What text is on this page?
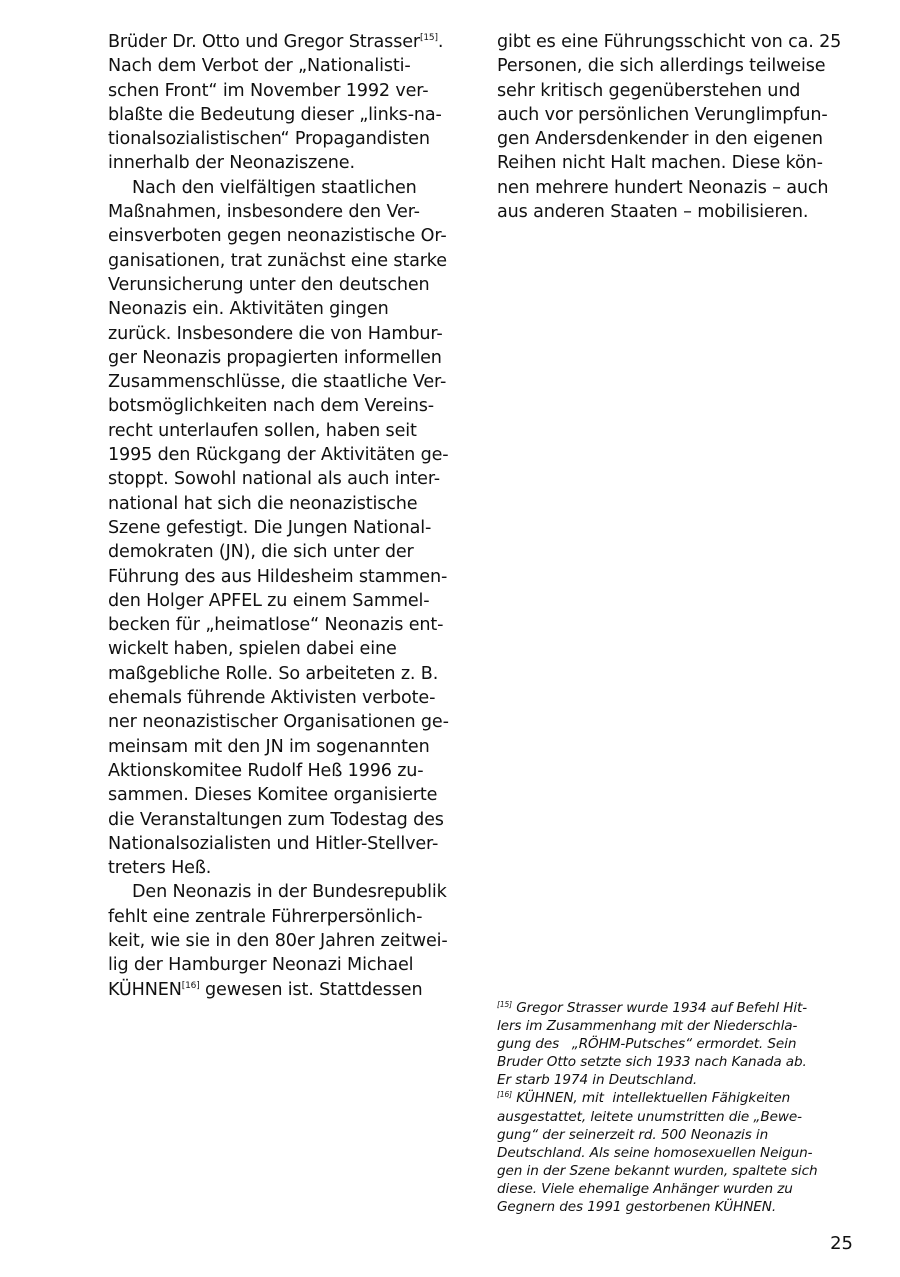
Brüder Dr. Otto und Gregor Strasser[15].
Nach dem Verbot der „Nationalisti-
schen Front“ im November 1992 ver-
blaßte die Bedeutung dieser „links-na-
tionalsozialistischen“ Propagandisten
innerhalb der Neonaziszene.
Nach den vielfältigen staatlichen
Maßnahmen, insbesondere den Ver-
einsverboten gegen neonazistische Or-
ganisationen, trat zunächst eine starke
Verunsicherung unter den deutschen
Neonazis ein. Aktivitäten gingen
zurück. Insbesondere die von Hambur-
ger Neonazis propagierten informellen
Zusammenschlüsse, die staatliche Ver-
botsmöglichkeiten nach dem Vereins-
recht unterlaufen sollen, haben seit
1995 den Rückgang der Aktivitäten ge-
stoppt. Sowohl national als auch inter-
national hat sich die neonazistische
Szene gefestigt. Die Jungen National-
demokraten (JN), die sich unter der
Führung des aus Hildesheim stammen-
den Holger APFEL zu einem Sammel-
becken für „heimatlose“ Neonazis ent-
wickelt haben, spielen dabei eine
maßgebliche Rolle. So arbeiteten z. B.
ehemals führende Aktivisten verbote-
ner neonazistischer Organisationen ge-
meinsam mit den JN im sogenannten
Aktionskomitee Rudolf Heß 1996 zu-
sammen. Dieses Komitee organisierte
die Veranstaltungen zum Todestag des
Nationalsozialisten und Hitler-Stellver-
treters Heß.
Den Neonazis in der Bundesrepublik
fehlt eine zentrale Führerpersönlich-
keit, wie sie in den 80er Jahren zeitwei-
lig der Hamburger Neonazi Michael
KÜHNEN[16] gewesen ist. Stattdessen
gibt es eine Führungsschicht von ca. 25
Personen, die sich allerdings teilweise
sehr kritisch gegenüberstehen und
auch vor persönlichen Verunglimpfun-
gen Andersdenkender in den eigenen
Reihen nicht Halt machen. Diese kön-
nen mehrere hundert Neonazis – auch
aus anderen Staaten – mobilisieren.
[15] Gregor Strasser wurde 1934 auf Befehl Hit-
lers im Zusammenhang mit der Niederschla-
gung des   „RÖHM-Putsches“ ermordet. Sein
Bruder Otto setzte sich 1933 nach Kanada ab.
Er starb 1974 in Deutschland.
[16] KÜHNEN, mit  intellektuellen Fähigkeiten
ausgestattet, leitete unumstritten die „Bewe-
gung“ der seinerzeit rd. 500 Neonazis in
Deutschland. Als seine homosexuellen Neigun-
gen in der Szene bekannt wurden, spaltete sich
diese. Viele ehemalige Anhänger wurden zu
Gegnern des 1991 gestorbenen KÜHNEN.
25
